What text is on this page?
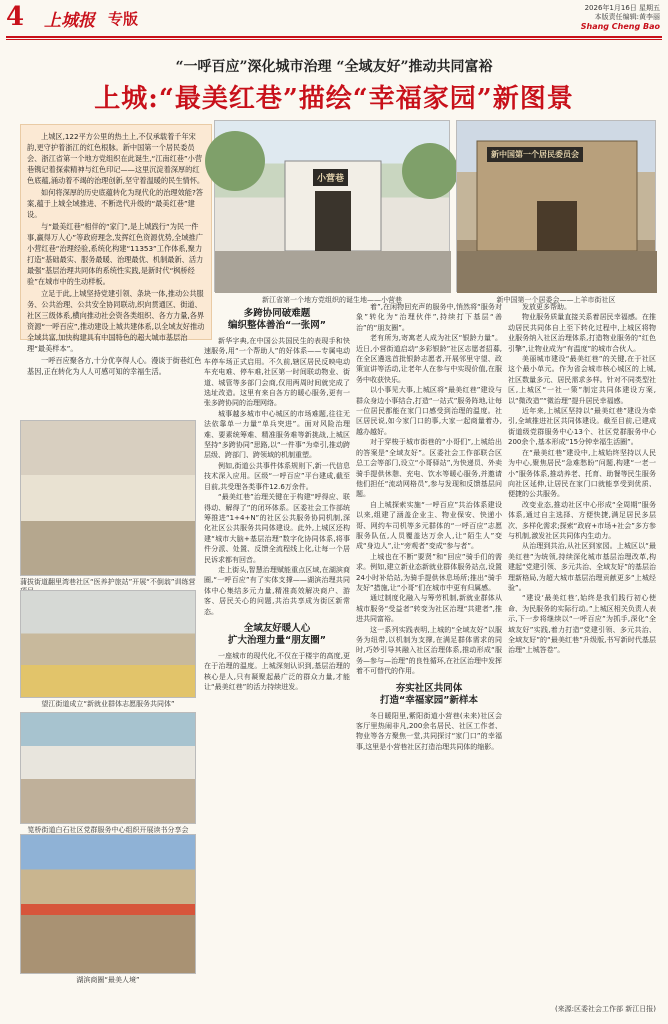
4 上城报 专版
2026年1月16日 星期五
本版责任编辑:黄李丽
Shang Cheng Bao
“一呼百应”深化城市治理 “全域友好”推动共同富裕
上城:“最美红巷”描绘“幸福家园”新图景

上城区,122平方公里的热土上,不仅承载着千年宋韵,更守护着浙江的红色根脉。新中国第一个居民委员会、浙江省第一个地方党组织在此诞生,“江南红巷”小营巷镌记着探索精神与红色印记——这里沉淀着深厚的红色底蕴,涌动着不竭的治理创新,坚守着温暖的民生情怀。

如何将深厚的历史底蕴转化为现代化的治理效能?答案,蕴于上城全域推进、不断迭代升级的“最美红巷”建设。

与“最美红巷”相伴的“家门”,是上城践行“为民一件事,赢得万人心”等政府理念,发挥红色资源优势,全域推广小营红巷“治理经验,系统化构建“11353”工作体系,聚力打造“基础最实、服务最暖、治理最优、机制最新、活力最强”基层治理共同体的系统性实践,是新时代“枫桥经验”在城市中的生动样板。

立足于此,上城坚持党建引领、条块一体,推动公共服务、公共治理、公共安全协同联动,织向贯通区、街道、社区三级体系,横向推动社会资各类组织、各方力量,各界资源“一呼百应”,推动建设上城共建体系,以全域友好推动全域共富,加快构建具有中国特色的超大城市基层治理“最美样本”。

一呼百应聚各方,十分优享得人心。漫谈于街巷红色基因,正在转化为人人可感可知的幸福生活。

小营巷
新江省第一个地方党组织的诞生地——小营巷
新中国第一个居民委员会
新中国第一个居委会——上羊市街社区
蒲拔街道翻里湾巷社区“医养护旅站”开展“不倒翁”训练营
望江街道成立“新就业群体志愿服务共同体”
笕桥街道白石社区党群服务中心组织开展读书分享会
湖滨商圈“最美人境”
多跨协同破难题
编织整体善治“一张网”

新华字典,在中国公共国民生的表现手和快速服务,用“一个帮助人”的好体系——专属电动车停车场正式启用。不久前,辖区居民反映电动车充电难、停车难,社区第一时间联动物业、街道、城管等多部门会商,仅用两周时间就完成了选址改造。这里有来自各方的暖心服务,更有一张多跨协同的治理网络。

城事越多城市中心城区的市场难题,往往无法依靠单一力量“单兵突进”。面对风险治理难、要素统筹难、精准服务难等新挑战,上城区坚持“多跨协同”思路,以“一件事”为牵引,推动跨层级、跨部门、跨领域的机制重塑。

例如,街道公共事件体系规则下,新一代信息技术深入应用。区级“一呼百应”平台建成,截至目前,共受理各类事件12.6万余件。

“最美红巷”治理关键在于构建“呼得应、联得动、解得了”的闭环体系。区委社会工作部统筹推进“1+4+N”的社区公共服务协同机制,深化社区公共服务共同体建设。此外,上城区还构建“城市大脑+基层治理”数字化协同体系,将事件分派、处置、反馈全流程线上化,让每一个居民诉求都有回音。

走上街头,智慧治理赋能重点区域,在湖滨商圈,“一呼百应”有了实体支撑——湖滨治理共同体中心集结多元力量,精准高效解决商户、游客、居民关心的问题,共治共享成为街区新常态。

全域友好暖人心
扩大治理力量“朋友圈”

一座城市的现代化,不仅在于楼宇的高度,更在于治理的温度。上城深刻认识到,基层治理的核心是人,只有凝聚起最广泛的群众力量,才能让“最美红巷”的活力持续迸发。

着”,在闲物回充声的服务中,悄然将“服务对象”转化为“治理伙伴”,持续打下基层“善治”的“朋友圈”。

老有所为,寄寓老人成为社区“银龄力量”。近日,小营街道启动“多彩银龄”社区志愿者招募,在全区遴选首批银龄志愿者,开展邻里守望、政策宣讲等活动,让老年人在参与中实现价值,在服务中收获快乐。

以小事见大事,上城区将“最美红巷”建设与群众身边小事结合,打造“一站式”服务阵地,让每一位居民都能在家门口感受到治理的温度。社区居民说,如今家门口的事,大家一起商量着办,越办越好。

对于穿梭于城市街巷的“小哥们”,上城给出的答案是“全域友好”。区委社会工作部联合区总工会等部门,设立“小哥驿站”,为快递员、外卖骑手提供休憩、充电、饮水等暖心服务,并邀请他们担任“流动网格员”,参与发现和反馈基层问题。

自上城探索实施“一呼百应”共治体系建设以来,组建了涵盖企业主、物业保安、快递小哥、网约车司机等多元群体的“一呼百应”志愿服务队伍,人员覆盖达万余人,让“陌生人”变成“身边人”,让“旁观者”变成“参与者”。

上城也在不断“要贤”和“回应”骑手们的需求。例如,建立新业态新就业群体服务站点,设置24小时补给站,为骑手提供休息场所;推出“骑手友好”措施,让“小哥”们在城市中更有归属感。

通过制度化融入与筹劳机制,新就业群体从城市服务“受益者”转变为社区治理“共建者”,推进共同富裕。

这一系列实践表明,上城的“全域友好”以服务为纽带,以机制为支撑,在满足群体需求的同时,巧妙引导其融入社区治理体系,推动形成“服务—参与—治理”的良性循环,在社区治理中发挥着不可替代的作用。

夯实社区共同体
打造“幸福家园”新样本

冬日暖阳里,紫阳街道小营巷(未来)社区会客厅里热闹非凡,200余名居民、社区工作者、物业等各方聚焦一堂,共同探讨“家门口”的幸福事,这里是小营巷社区打造治理共同体的缩影。

发放更多帮助。

物业服务质量直接关系着居民幸福感。在推动居民共同体自上至下转化过程中,上城区将物业服务纳入社区治理体系,打造物业服务的“红色引擎”,让物业成为“有温度”的城市合伙人。

美丽城市建设“最美红巷”的关键,在于社区这个最小单元。作为省会城市核心城区的上城,社区数量多元、居民需求多样。针对不同类型社区,上城区“一社一策”制定共同体建设方案,以“微改造”“微治理”提升居民幸福感。

近年来,上城区坚持以“最美红巷”建设为牵引,全域推进社区共同体建设。截至目前,已建成街道级党群服务中心13个、社区党群服务中心200余个,基本形成“15分钟幸福生活圈”。

在“最美红巷”建设中,上城始终坚持以人民为中心,聚焦居民“急难愁盼”问题,构建“一老一小”服务体系,推动养老、托育、助餐等民生服务向社区延伸,让居民在家门口就能享受到优质、便捷的公共服务。

改变业态,推动社区中心形成“全周期”服务体系,通过自主选择、方便快捷,满足居民多层次、多样化需求;探索“政府+市场+社会”多方参与机制,激发社区共同体内生动力。

从治理到共治,从社区到家园。上城区以“最美红巷”为统领,持续深化城市基层治理改革,构建起“党建引领、多元共治、全域友好”的基层治理新格局,为超大城市基层治理贡献更多“上城经验”。

“建设‘最美红巷’,始终是我们践行初心使命、为民服务的实际行动。”上城区相关负责人表示,下一步将继续以“一呼百应”为抓手,深化“全域友好”实践,着力打造“党建引领、多元共治、全域友好”的“最美红巷”升级版,书写新时代基层治理“上城答卷”。

(来源:区委社会工作部 新江日报)
